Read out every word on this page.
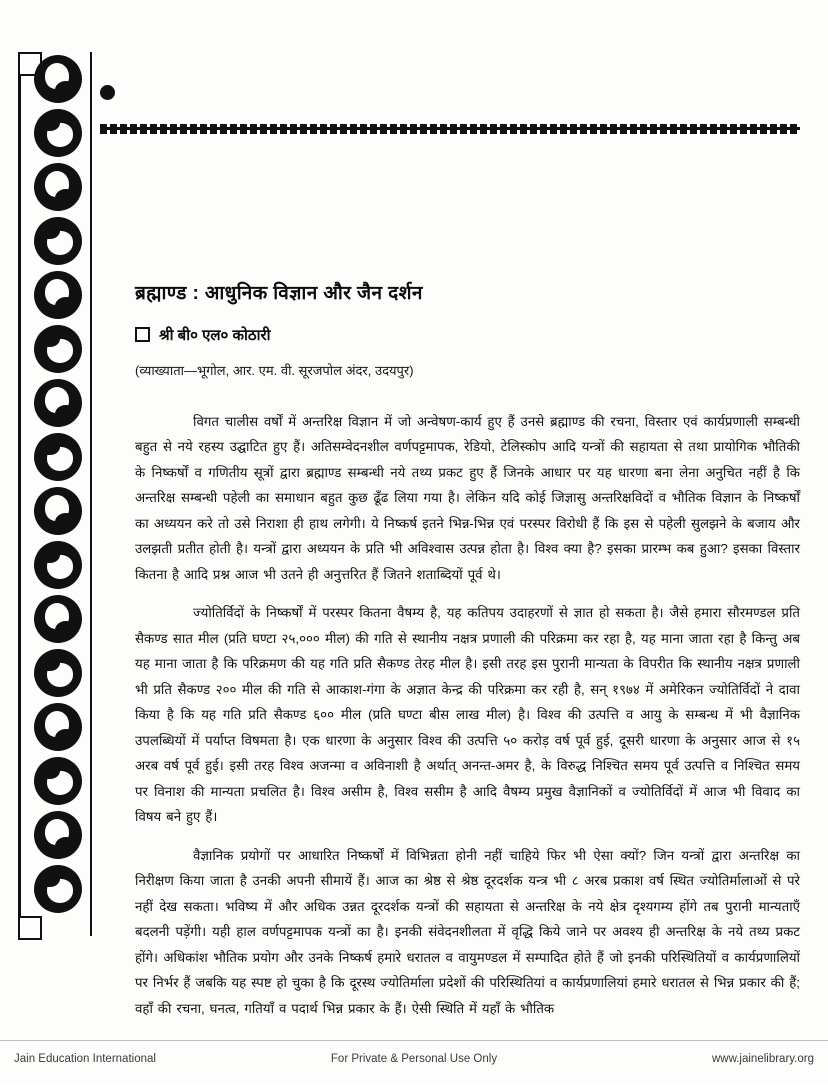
ब्रह्माण्ड : आधुनिक विज्ञान और जैन दर्शन
श्री बी० एल० कोठारी
(व्याख्याता—भूगोल, आर. एम. वी. सूरजपोल अंदर, उदयपुर)

विगत चालीस वर्षों में अन्तरिक्ष विज्ञान में जो अन्वेषण-कार्य हुए हैं उनसे ब्रह्माण्ड की रचना, विस्तार एवं कार्यप्रणाली सम्बन्धी बहुत से नये रहस्य उद्घाटित हुए हैं। अतिसम्वेदनशील वर्णपट्टमापक, रेडियो, टेलिस्कोप आदि यन्त्रों की सहायता से तथा प्रायोगिक भौतिकी के निष्कर्षों व गणितीय सूत्रों द्वारा ब्रह्माण्ड सम्बन्धी नये तथ्य प्रकट हुए हैं जिनके आधार पर यह धारणा बना लेना अनुचित नहीं है कि अन्तरिक्ष सम्बन्धी पहेली का समाधान बहुत कुछ ढूँढ लिया गया है। लेकिन यदि कोई जिज्ञासु अन्तरिक्षविदों व भौतिक विज्ञान के निष्कर्षों का अध्ययन करे तो उसे निराशा ही हाथ लगेगी। ये निष्कर्ष इतने भिन्न-भिन्न एवं परस्पर विरोधी हैं कि इस से पहेली सुलझने के बजाय और उलझती प्रतीत होती है। यन्त्रों द्वारा अध्ययन के प्रति भी अविश्वास उत्पन्न होता है। विश्व क्या है? इसका प्रारम्भ कब हुआ? इसका विस्तार कितना है आदि प्रश्न आज भी उतने ही अनुत्तरित हैं जितने शताब्दियों पूर्व थे।

ज्योतिर्विदों के निष्कर्षों में परस्पर कितना वैषम्य है, यह कतिपय उदाहरणों से ज्ञात हो सकता है। जैसे हमारा सौरमण्डल प्रति सैकण्ड सात मील (प्रति घण्टा २५,००० मील) की गति से स्थानीय नक्षत्र प्रणाली की परिक्रमा कर रहा है, यह माना जाता रहा है किन्तु अब यह माना जाता है कि परिक्रमण की यह गति प्रति सैकण्ड तेरह मील है। इसी तरह इस पुरानी मान्यता के विपरीत कि स्थानीय नक्षत्र प्रणाली भी प्रति सैकण्ड २०० मील की गति से आकाश-गंगा के अज्ञात केन्द्र की परिक्रमा कर रही है, सन् १९७४ में अमेरिकन ज्योतिर्विदों ने दावा किया है कि यह गति प्रति सैकण्ड ६०० मील (प्रति घण्टा बीस लाख मील) है। विश्व की उत्पत्ति व आयु के सम्बन्ध में भी वैज्ञानिक उपलब्धियों में पर्याप्त विषमता है। एक धारणा के अनुसार विश्व की उत्पत्ति ५० करोड़ वर्ष पूर्व हुई, दूसरी धारणा के अनुसार आज से १५ अरब वर्ष पूर्व हुई। इसी तरह विश्व अजन्मा व अविनाशी है अर्थात् अनन्त-अमर है, के विरुद्ध निश्चित समय पूर्व उत्पत्ति व निश्चित समय पर विनाश की मान्यता प्रचलित है। विश्व असीम है, विश्व ससीम है आदि वैषम्य प्रमुख वैज्ञानिकों व ज्योतिर्विदों में आज भी विवाद का विषय बने हुए हैं।

वैज्ञानिक प्रयोगों पर आधारित निष्कर्षों में विभिन्नता होनी नहीं चाहिये फिर भी ऐसा क्यों? जिन यन्त्रों द्वारा अन्तरिक्ष का निरीक्षण किया जाता है उनकी अपनी सीमायें हैं। आज का श्रेष्ठ से श्रेष्ठ दूरदर्शक यन्त्र भी ८ अरब प्रकाश वर्ष स्थित ज्योतिर्मालाओं से परे नहीं देख सकता। भविष्य में और अधिक उन्नत दूरदर्शक यन्त्रों की सहायता से अन्तरिक्ष के नये क्षेत्र दृश्यगम्य होंगे तब पुरानी मान्यताएँ बदलनी पड़ेंगी। यही हाल वर्णपट्टमापक यन्त्रों का है। इनकी संवेदनशीलता में वृद्धि किये जाने पर अवश्य ही अन्तरिक्ष के नये तथ्य प्रकट होंगे। अधिकांश भौतिक प्रयोग और उनके निष्कर्ष हमारे धरातल व वायुमण्डल में सम्पादित होते हैं जो इनकी परिस्थितियों व कार्यप्रणालियों पर निर्भर हैं जबकि यह स्पष्ट हो चुका है कि दूरस्थ ज्योतिर्माला प्रदेशों की परिस्थितियां व कार्यप्रणालियां हमारे धरातल से भिन्न प्रकार की हैं; वहाँ की रचना, घनत्व, गतियाँ व पदार्थ भिन्न प्रकार के हैं। ऐसी स्थिति में यहाँ के भौतिक

Jain Education International	For Private & Personal Use Only	www.jainelibrary.org
